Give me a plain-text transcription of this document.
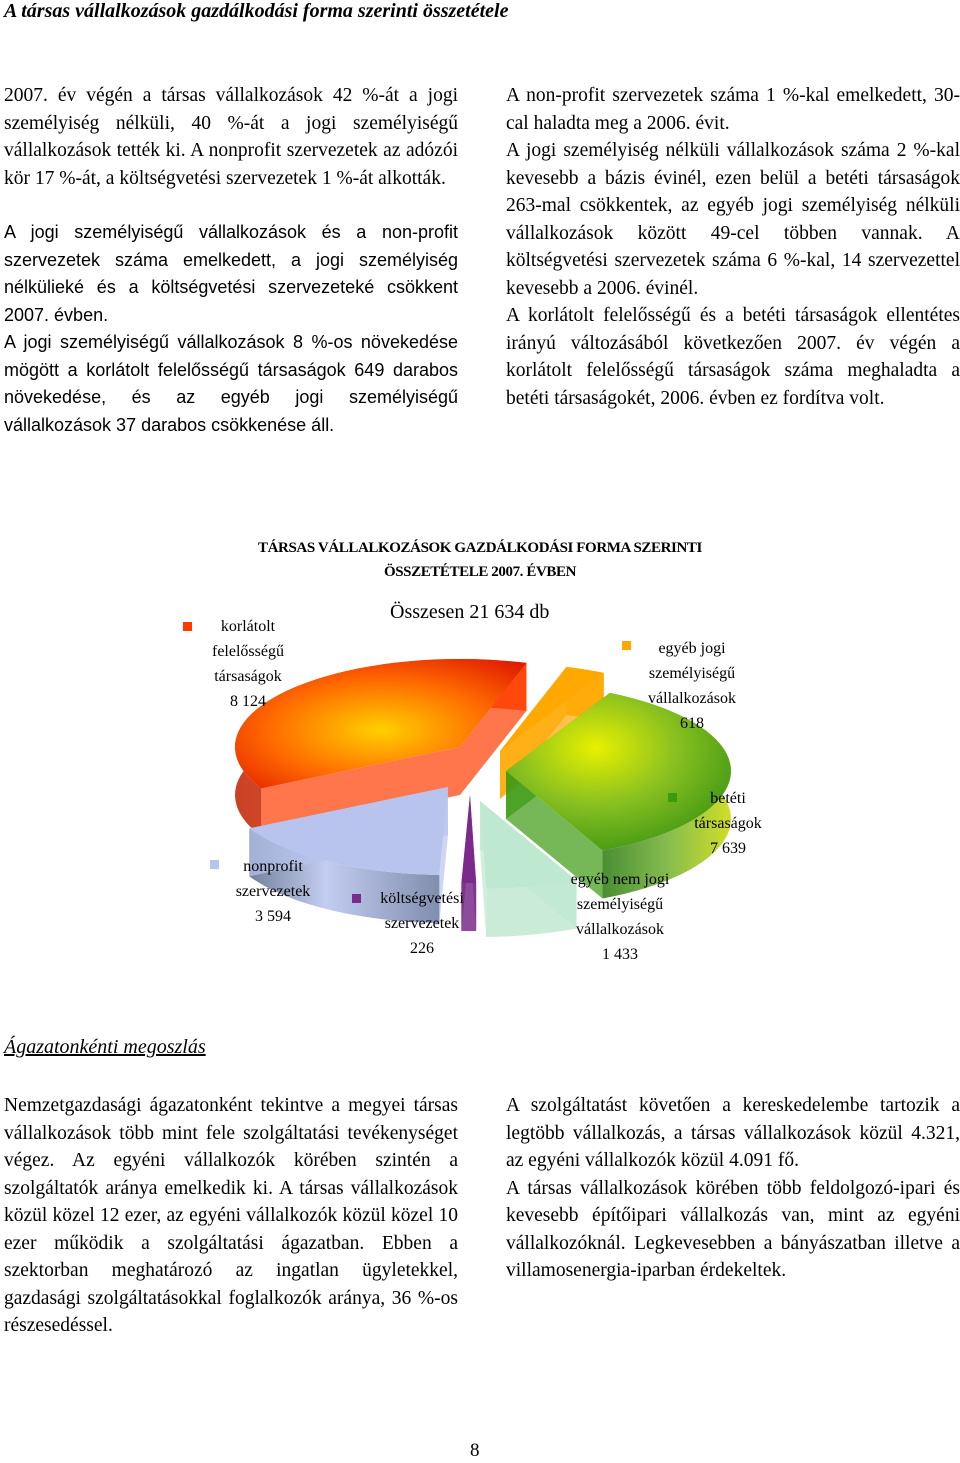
A társas vállalkozások gazdálkodási forma szerinti összetétele

2007. év végén a társas vállalkozások 42 %-át a jogi személyiség nélküli, 40 %-át a jogi személyiségű vállalkozások tették ki. A nonprofit szervezetek az adózói kör 17 %-át, a költségvetési szervezetek 1 %-át alkották.

A jogi személyiségű vállalkozások és a non-profit szervezetek száma emelkedett, a jogi személyiség nélkülieké és a költségvetési szervezeteké csökkent 2007. évben.

A jogi személyiségű vállalkozások 8 %-os növekedése mögött a korlátolt felelősségű társaságok 649 darabos növekedése, és az egyéb jogi személyiségű vállalkozások 37 darabos csökkenése áll.

A non-profit szervezetek száma 1 %-kal emelkedett, 30-cal haladta meg a 2006. évit.

A jogi személyiség nélküli vállalkozások száma 2 %-kal kevesebb a bázis évinél, ezen belül a betéti társaságok 263-mal csökkentek, az egyéb jogi személyiség nélküli vállalkozások között 49-cel többen vannak. A költségvetési szervezetek száma 6 %-kal, 14 szervezettel kevesebb a 2006. évinél.

A korlátolt felelősségű és a betéti társaságok ellentétes irányú változásából következően 2007. év végén a korlátolt felelősségű társaságok száma meghaladta a betéti társaságokét, 2006. évben ez fordítva volt.

TÁRSAS VÁLLALKOZÁSOK GAZDÁLKODÁSI FORMA SZERINTI
ÖSSZETÉTELE 2007. ÉVBEN
Összesen 21 634 db
korlátolt
felelősségű
társaságok
8 124
egyéb jogi
személyiségű
vállalkozások
618
betéti
társaságok
7 639
egyéb nem jogi
személyiségű
vállalkozások
1 433
költségvetési
szervezetek
226
nonprofit
szervezetek
3 594
Ágazatonkénti megoszlás

Nemzetgazdasági ágazatonként tekintve a megyei társas vállalkozások több mint fele szolgáltatási tevékenységet végez. Az egyéni vállalkozók körében szintén a szolgáltatók aránya emelkedik ki. A társas vállalkozások közül közel 12 ezer, az egyéni vállalkozók közül közel 10 ezer működik a szolgáltatási ágazatban. Ebben a szektorban meghatározó az ingatlan ügyletekkel, gazdasági szolgáltatásokkal foglalkozók aránya, 36 %-os részesedéssel.

A szolgáltatást követően a kereskedelembe tartozik a legtöbb vállalkozás, a társas vállalkozások közül 4.321, az egyéni vállalkozók közül 4.091 fő.

A társas vállalkozások körében több feldolgozó-ipari és kevesebb építőipari vállalkozás van, mint az egyéni vállalkozóknál. Legkevesebben a bányászatban illetve a villamosenergia-iparban érdekeltek.

8
